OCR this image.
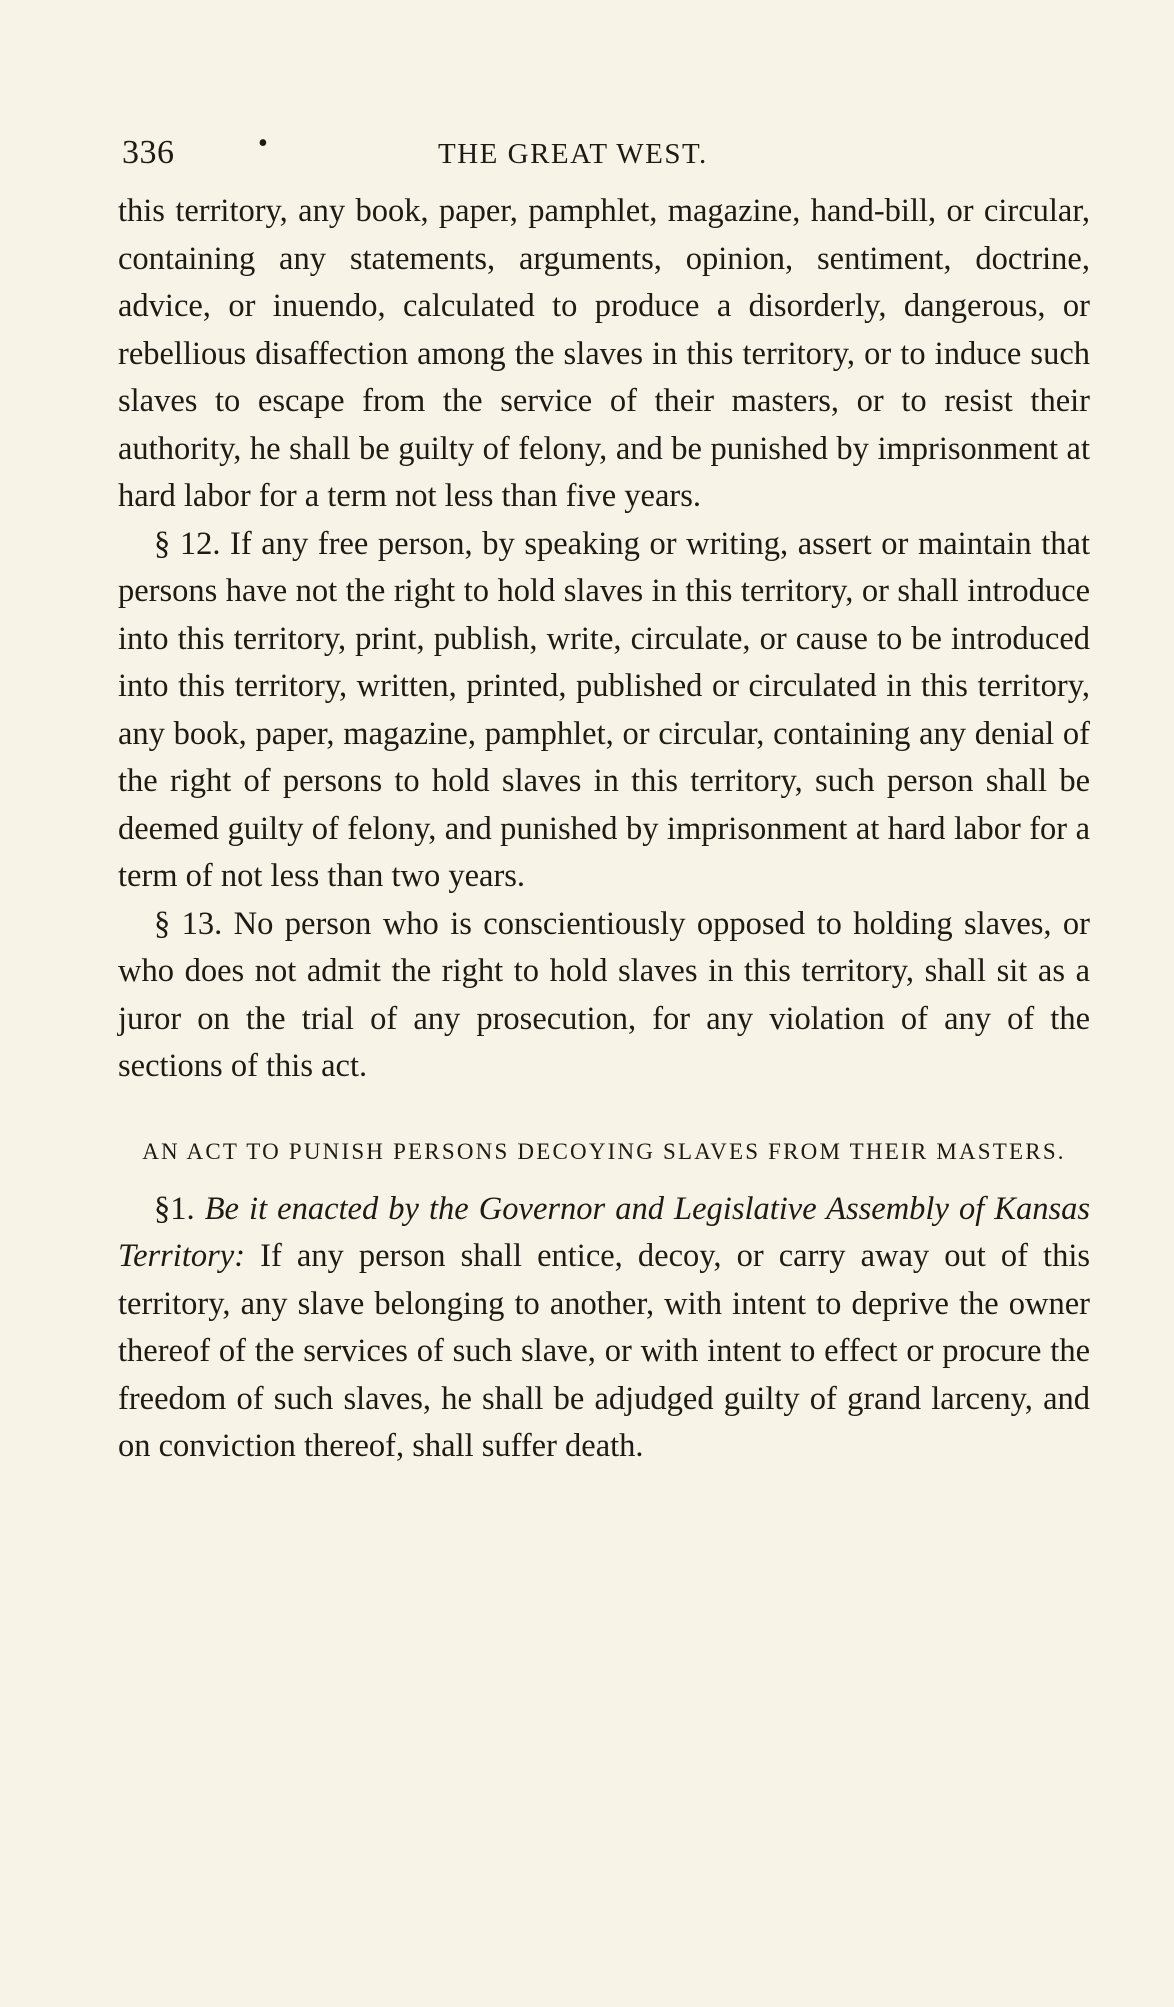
336	•	THE GREAT WEST.

this territory, any book, paper, pamphlet, magazine, hand-bill, or circular, containing any statements, arguments, opinion, sentiment, doctrine, advice, or inuendo, calculated to produce a disorderly, dangerous, or rebellious disaffection among the slaves in this territory, or to induce such slaves to escape from the service of their masters, or to resist their authority, he shall be guilty of felony, and be punished by imprisonment at hard labor for a term not less than five years.

§ 12. If any free person, by speaking or writing, assert or maintain that persons have not the right to hold slaves in this territory, or shall introduce into this territory, print, publish, write, circulate, or cause to be introduced into this territory, written, printed, published or circulated in this territory, any book, paper, magazine, pamphlet, or circular, containing any denial of the right of persons to hold slaves in this territory, such person shall be deemed guilty of felony, and punished by imprisonment at hard labor for a term of not less than two years.

§ 13. No person who is conscientiously opposed to holding slaves, or who does not admit the right to hold slaves in this territory, shall sit as a juror on the trial of any prosecution, for any violation of any of the sections of this act.

AN ACT TO PUNISH PERSONS DECOYING SLAVES FROM THEIR MASTERS.

§1. Be it enacted by the Governor and Legislative Assembly of Kansas Territory: If any person shall entice, decoy, or carry away out of this territory, any slave belonging to another, with intent to deprive the owner thereof of the services of such slave, or with intent to effect or procure the freedom of such slaves, he shall be adjudged guilty of grand larceny, and on conviction thereof, shall suffer death.
